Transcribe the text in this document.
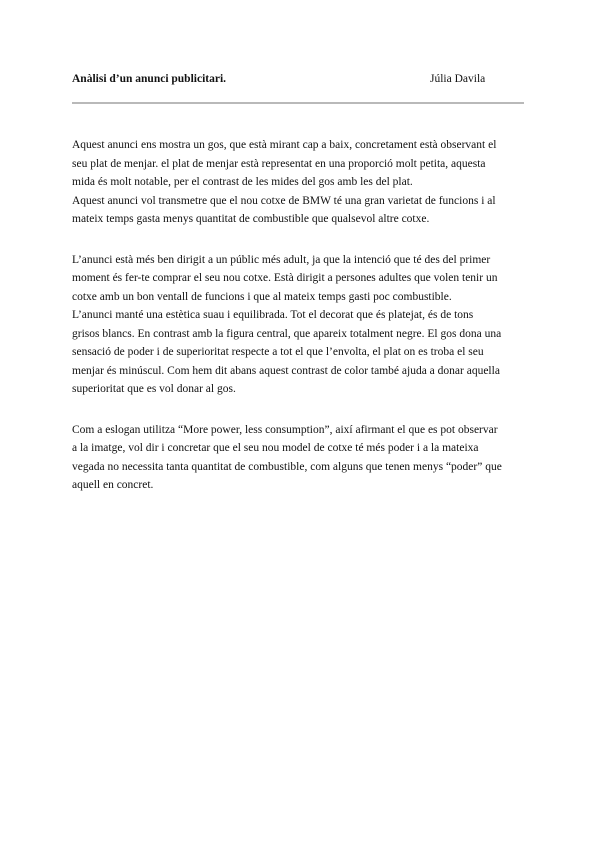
Anàlisi d’un anunci publicitari.	Júlia Davila

Aquest anunci ens mostra un gos, que està mirant cap a baix, concretament està observant el
seu plat de menjar. el plat de menjar està representat en una proporció molt petita, aquesta
mida és molt notable, per el contrast de les mides del gos amb les del plat.

Aquest anunci vol transmetre que el nou cotxe de BMW té una gran varietat de funcions i al
mateix temps gasta menys quantitat de combustible que qualsevol altre cotxe.

L’anunci està més ben dirigit a un públic més adult, ja que la intenció que té des del primer
moment és fer-te comprar el seu nou cotxe. Està dirigit a persones adultes que volen tenir un
cotxe amb un bon ventall de funcions i que al mateix temps gasti poc combustible.

L’anunci manté una estètica suau i equilibrada. Tot el decorat que és platejat, és de tons
grisos blancs. En contrast amb la figura central, que apareix totalment negre. El gos dona una
sensació de poder i de superioritat respecte a tot el que l’envolta, el plat on es troba el seu
menjar és minúscul. Com hem dit abans aquest contrast de color també ajuda a donar aquella
superioritat que es vol donar al gos.

Com a eslogan utilitza “More power, less consumption”, així afirmant el que es pot observar
a la imatge, vol dir i concretar que el seu nou model de cotxe té més poder i a la mateixa
vegada no necessita tanta quantitat de combustible, com alguns que tenen menys “poder” que
aquell en concret.
